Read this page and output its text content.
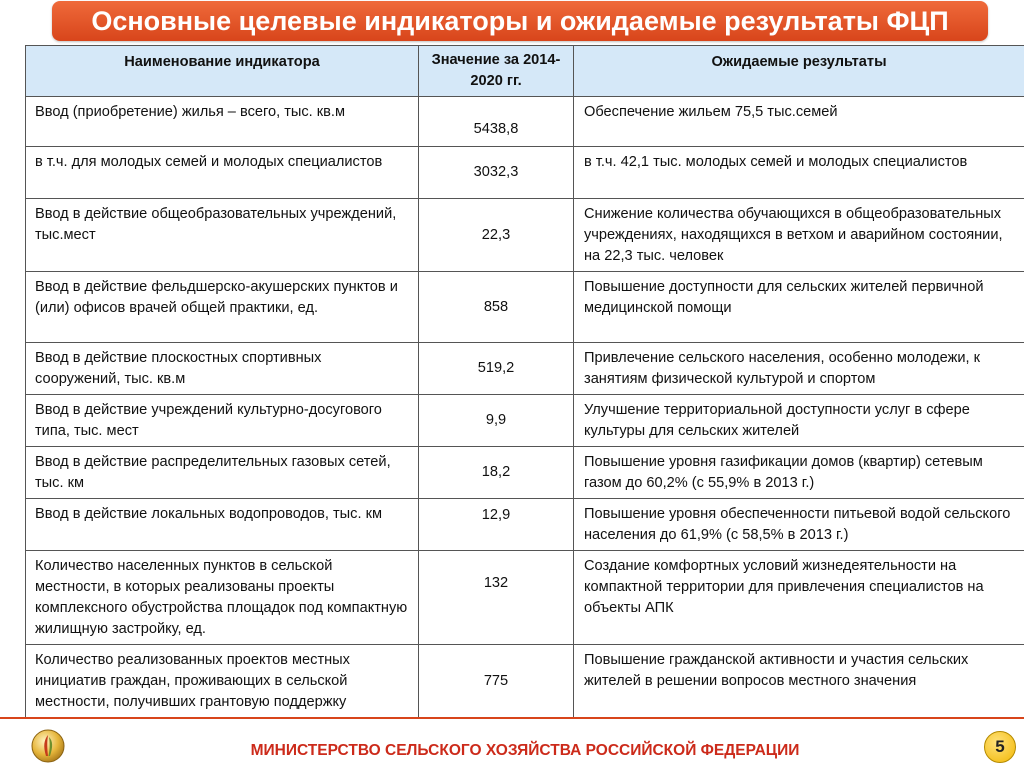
Основные целевые индикаторы и ожидаемые результаты ФЦП
Наименование индикатора	Значение за 2014-2020 гг.	Ожидаемые результаты
Ввод (приобретение) жилья – всего, тыс. кв.м	5438,8	Обеспечение жильем 75,5 тыс.семей
в т.ч. для молодых семей и молодых специалистов	3032,3	в т.ч. 42,1 тыс. молодых семей и молодых специалистов
Ввод в действие общеобразовательных учреждений, тыс.мест	22,3	Снижение количества обучающихся в общеобразовательных учреждениях, находящихся в ветхом и аварийном состоянии, на 22,3 тыс. человек
Ввод в действие фельдшерско-акушерских пунктов и (или) офисов врачей общей практики, ед.	858	Повышение доступности для сельских жителей первичной медицинской помощи
Ввод в действие плоскостных спортивных сооружений, тыс. кв.м	519,2	Привлечение сельского населения, особенно молодежи, к занятиям физической культурой и спортом
Ввод в действие учреждений культурно-досугового типа, тыс. мест	9,9	Улучшение территориальной доступности услуг в сфере культуры для сельских жителей
Ввод в действие распределительных газовых сетей, тыс. км	18,2	Повышение уровня газификации домов (квартир) сетевым газом до 60,2% (с 55,9% в 2013 г.)
Ввод в действие локальных водопроводов, тыс. км	12,9	Повышение уровня обеспеченности питьевой водой сельского населения до 61,9% (с 58,5% в 2013 г.)
Количество населенных пунктов в сельской местности, в которых реализованы проекты комплексного обустройства площадок под компактную жилищную застройку, ед.	132	Создание комфортных условий жизнедеятельности на компактной территории для привлечения специалистов на объекты АПК
Количество реализованных проектов местных инициатив граждан, проживающих в сельской местности, получивших грантовую поддержку	775	Повышение гражданской активности и участия сельских жителей в решении вопросов местного значения
МИНИСТЕРСТВО СЕЛЬСКОГО ХОЗЯЙСТВА РОССИЙСКОЙ ФЕДЕРАЦИИ	5
